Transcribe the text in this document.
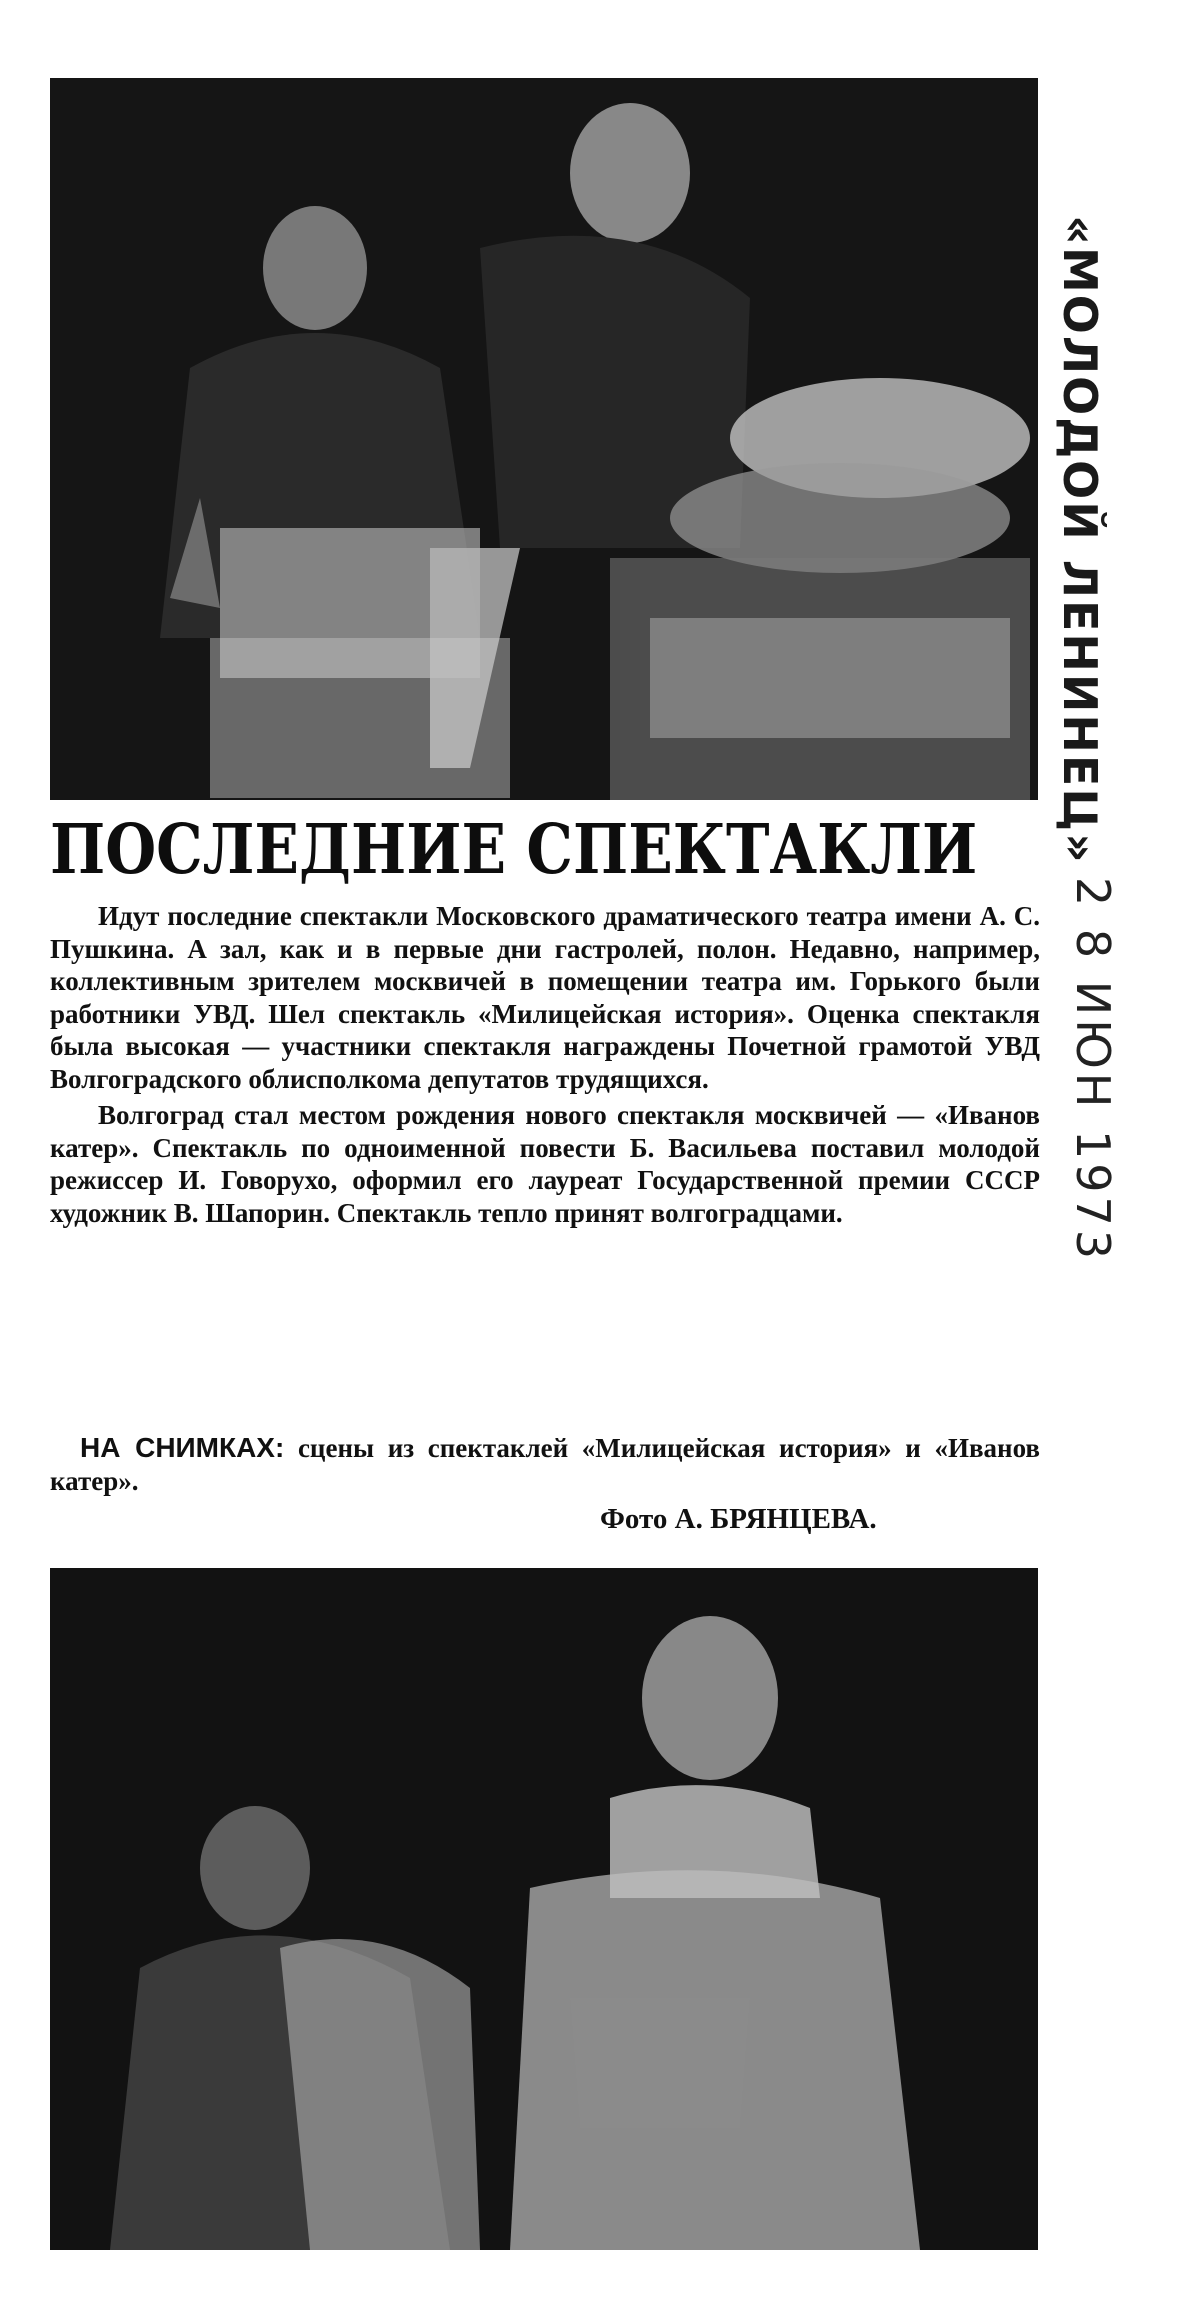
«МОЛОДОЙ ЛЕНИНЕЦ»
ПОСЛЕДНИЕ СПЕКТАКЛИ

Идут последние спектакли Московского драматического театра имени А. С. Пушкина. А зал, как и в первые дни гастролей, полон. Недавно, например, коллективным зрителем москвичей в помещении театра им. Горького были работники УВД. Шел спектакль «Милицейская история». Оценка спектакля была высокая — участники спектакля награждены Почетной грамотой УВД Волгоградского облисполкома депутатов трудящихся.

Волгоград стал местом рождения нового спектакля москвичей — «Иванов катер». Спектакль по одноименной повести Б. Васильева поставил молодой режиссер И. Говорухо, оформил его лауреат Государственной премии СССР художник В. Шапорин. Спектакль тепло принят волгоградцами.	2 8 ИЮН 1973
НА СНИМКАХ: сцены из спектаклей «Милицейская история» и «Иванов катер».
Фото А. БРЯНЦЕВА.
